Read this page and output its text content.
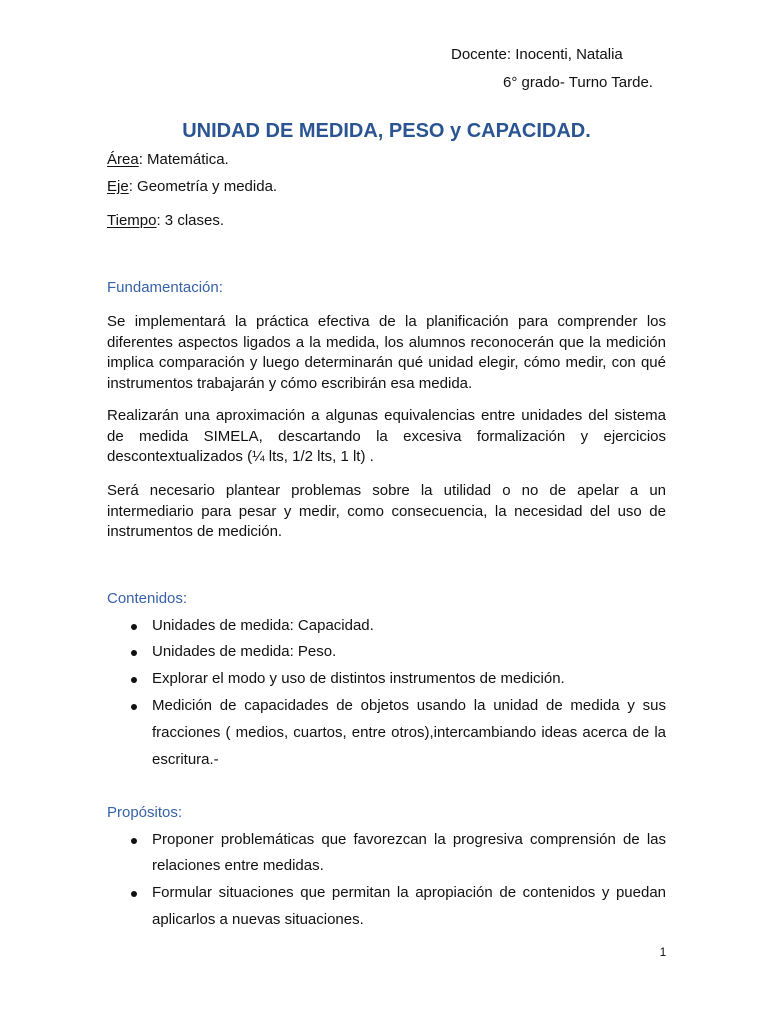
Docente: Inocenti, Natalia
6° grado- Turno Tarde.
UNIDAD DE MEDIDA, PESO y CAPACIDAD.
Área: Matemática.
Eje: Geometría y medida.
Tiempo: 3 clases.
Fundamentación:

Se implementará la práctica efectiva de la planificación para comprender los diferentes aspectos ligados a la medida, los alumnos reconocerán que la medición implica comparación y luego determinarán qué unidad elegir, cómo medir, con qué instrumentos trabajarán y cómo escribirán esa medida.

Realizarán una aproximación a algunas equivalencias entre unidades del sistema de medida SIMELA, descartando la excesiva formalización y ejercicios descontextualizados (¼ lts, 1/2 lts, 1 lt) .

Será necesario plantear problemas sobre la utilidad o no de apelar a un intermediario para pesar y medir, como consecuencia, la necesidad del uso de instrumentos de medición.

Contenidos:
Unidades de medida: Capacidad.
Unidades de medida: Peso.
Explorar el modo y uso de distintos instrumentos de medición.
Medición de capacidades de objetos usando la unidad de medida y sus fracciones ( medios, cuartos, entre otros),intercambiando ideas acerca de la escritura.-
Propósitos:
Proponer problemáticas que favorezcan la progresiva comprensión de las relaciones entre medidas.
Formular situaciones que permitan la apropiación de contenidos y puedan aplicarlos a nuevas situaciones.
1
